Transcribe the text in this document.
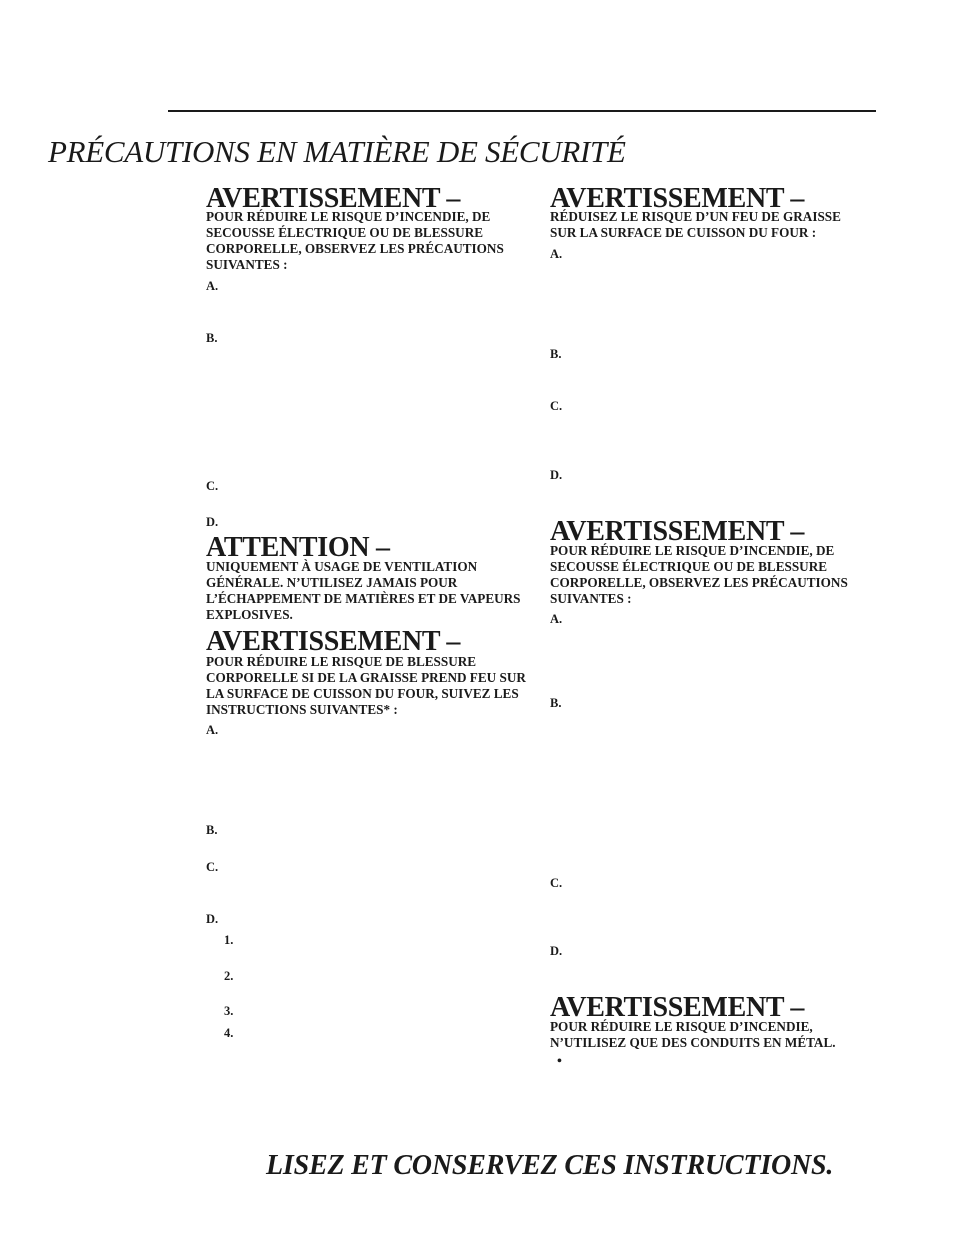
PRÉCAUTIONS EN MATIÈRE DE SÉCURITÉ
AVERTISSEMENT –
POUR RÉDUIRE LE RISQUE D’INCENDIE, DE SECOUSSE ÉLECTRIQUE OU DE BLESSURE CORPORELLE, OBSERVEZ LES PRÉCAUTIONS SUIVANTES :
A.
B.
C.
D.
ATTENTION –
UNIQUEMENT À USAGE DE VENTILATION GÉNÉRALE. N’UTILISEZ JAMAIS POUR L’ÉCHAPPEMENT DE MATIÈRES ET DE VAPEURS EXPLOSIVES.
AVERTISSEMENT –
POUR RÉDUIRE LE RISQUE DE BLESSURE CORPORELLE SI DE LA GRAISSE PREND FEU SUR LA SURFACE DE CUISSON DU FOUR, SUIVEZ LES INSTRUCTIONS SUIVANTES* :
A.
B.
C.
D.
1.
2.
3.
4.
AVERTISSEMENT –
RÉDUISEZ LE RISQUE D’UN FEU DE GRAISSE SUR LA SURFACE DE CUISSON DU FOUR :
A.
B.
C.
D.
AVERTISSEMENT –
POUR RÉDUIRE LE RISQUE D’INCENDIE, DE SECOUSSE ÉLECTRIQUE OU DE BLESSURE CORPORELLE, OBSERVEZ LES PRÉCAUTIONS SUIVANTES :
A.
B.
C.
D.
AVERTISSEMENT –
POUR RÉDUIRE LE RISQUE D’INCENDIE, N’UTILISEZ QUE DES CONDUITS EN MÉTAL.
•
LISEZ ET CONSERVEZ CES INSTRUCTIONS.
